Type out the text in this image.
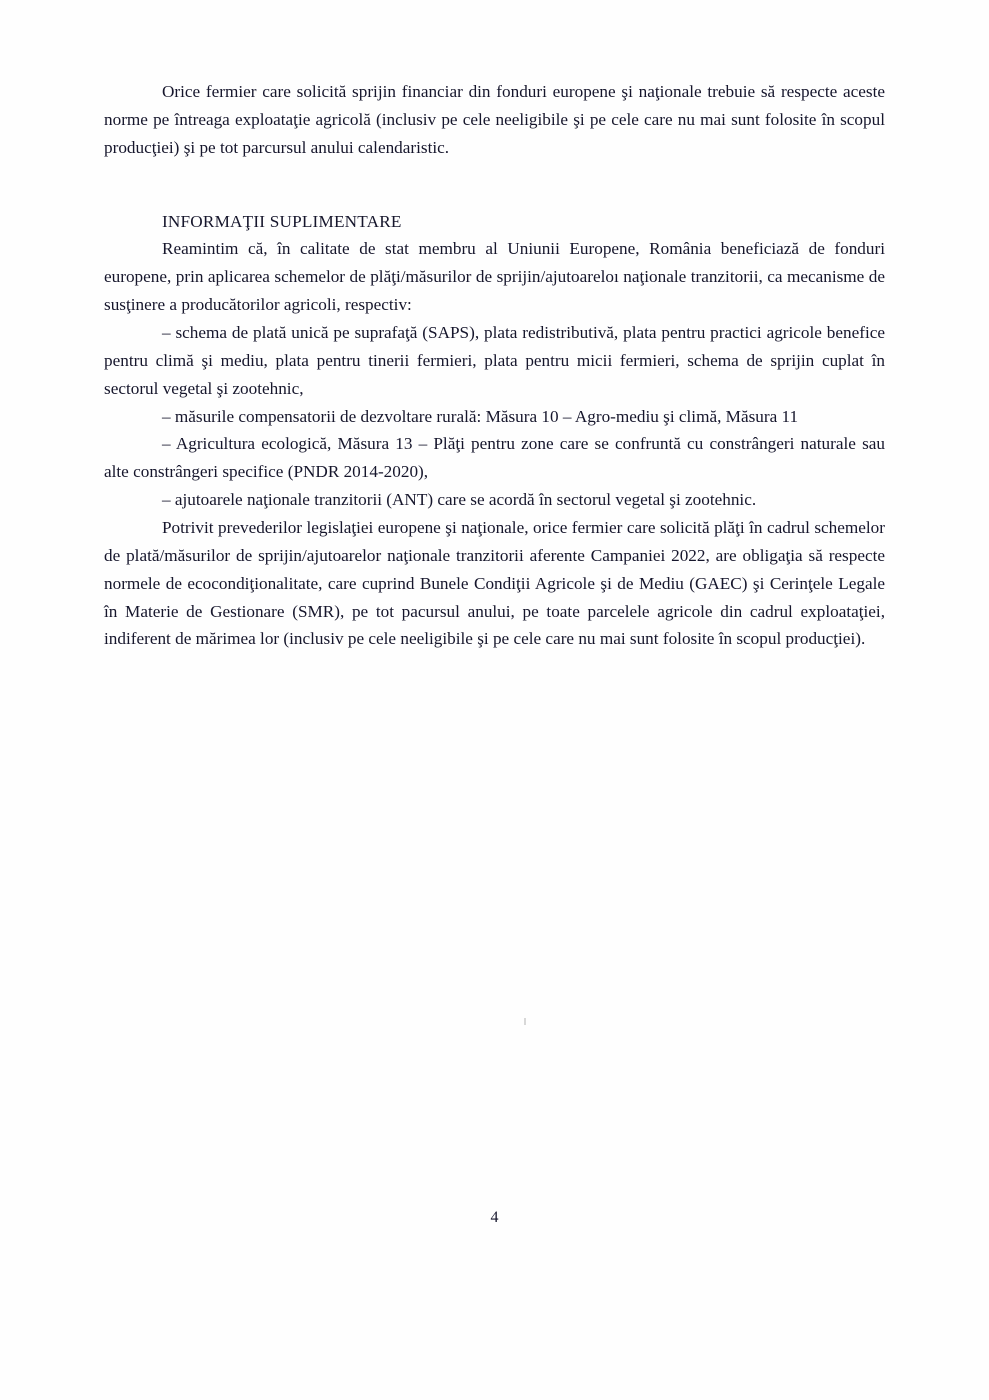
Orice fermier care solicită sprijin financiar din fonduri europene şi naţionale trebuie să respecte aceste norme pe întreaga exploataţie agricolă (inclusiv pe cele neeligibile şi pe cele care nu mai sunt folosite în scopul producţiei) şi pe tot parcursul anului calendaristic.

INFORMAŢII SUPLIMENTARE

Reamintim că, în calitate de stat membru al Uniunii Europene, România beneficiază de fonduri europene, prin aplicarea schemelor de plăţi/măsurilor de sprijin/ajutoareloı naţionale tranzitorii, ca mecanisme de susţinere a producătorilor agricoli, respectiv:

– schema de plată unică pe suprafaţă (SAPS), plata redistributivă, plata pentru practici agricole benefice pentru climă şi mediu, plata pentru tinerii fermieri, plata pentru micii fermieri, schema de sprijin cuplat în sectorul vegetal şi zootehnic,

– măsurile compensatorii de dezvoltare rurală: Măsura 10 – Agro-mediu şi climă, Măsura 11

– Agricultura ecologică, Măsura 13 – Plăţi pentru zone care se confruntă cu constrângeri naturale sau alte constrângeri specifice (PNDR 2014-2020),

– ajutoarele naţionale tranzitorii (ANT) care se acordă în sectorul vegetal şi zootehnic.

Potrivit prevederilor legislaţiei europene şi naţionale, orice fermier care solicită plăţi în cadrul schemelor de plată/măsurilor de sprijin/ajutoarelor naţionale tranzitorii aferente Campaniei 2022, are obligaţia să respecte normele de ecocondiţionalitate, care cuprind Bunele Condiţii Agricole şi de Mediu (GAEC) şi Cerinţele Legale în Materie de Gestionare (SMR), pe tot pacursul anului, pe toate parcelele agricole din cadrul exploataţiei, indiferent de mărimea lor (inclusiv pe cele neeligibile şi pe cele care nu mai sunt folosite în scopul producţiei).

4
